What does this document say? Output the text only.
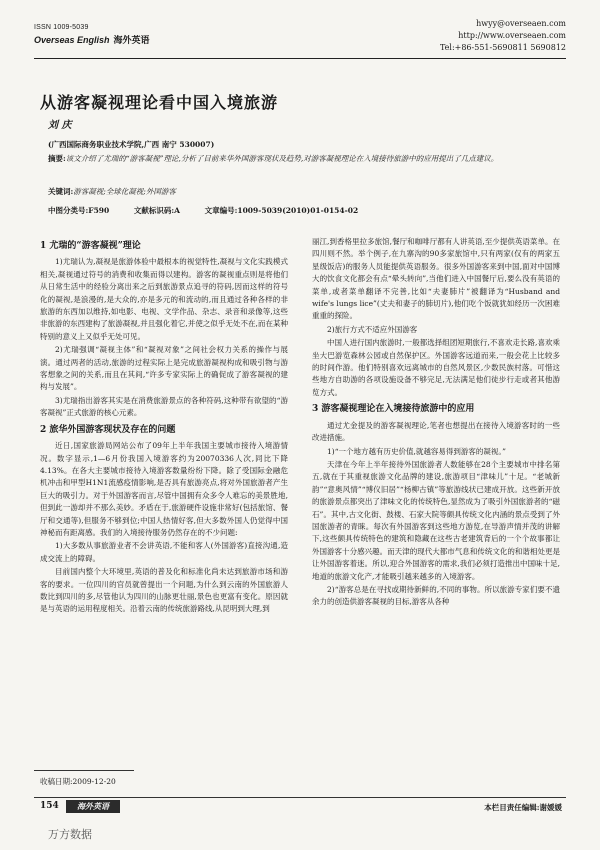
ISSN 1009-5039
Overseas English 海外英语
hwyy@overseaen.com
http://www.overseaen.com
Tel:+86-551-5690811 5690812
从游客凝视理论看中国入境旅游
刘 庆
(广西国际商务职业技术学院,广西 南宁 530007)
摘要:该文介绍了尤瑞的“游客凝视”理论,分析了目前来华外国游客现状及趋势,对游客凝视理论在入境接待旅游中的应用提出了几点建议。
关键词:游客凝视;全球化凝视;外国游客
中图分类号:F590	文献标识码:A	文章编号:1009-5039(2010)01-0154-02
1 尤瑞的“游客凝视”理论

1)尤瑞认为,凝视是旅游体验中最根本的视觉特性,凝视与文化实践模式相关,凝视通过符号的消费和收集而得以建构。游客的凝视重点则是将他们从日常生活中的经验分离出来之后到旅游景点追寻的符码,因而这样的符号化的凝视,是浪漫的,是大众的,亦是多元的和流动的,而且通过各种各样的非旅游的东西加以维持,如电影、电视、文学作品、杂志、录音和录像等,这些非旅游的东西建构了旅游凝视,并且强化着它,并使之似乎无处不在,而在某种特别的意义上又似乎无处可见。

2)尤瑞强调“凝视主体”和“凝视对象”之间社会权力关系的操作与展演。通过两者的活动,旅游的过程实际上是完成旅游凝视构成和吸引物与游客想象之间的关系,而且在其间,“许多专家实际上的确促成了游客凝视的建构与发展”。

3)尤瑞指出游客其实是在消费旅游景点的各种符码,这种带有欲望的“游客凝视”正式旅游的核心元素。

2 旅华外国游客现状及存在的问题

近日,国家旅游局网站公布了09年上半年我国主要城市接待入境游情况。数字显示,1—6月份我国入境游客约为20070336人次,同比下降4.13%。在各大主要城市接待入境游客数量纷纷下降。除了受国际金融危机冲击和甲型H1N1流感疫情影响,是否具有旅游亮点,将对外国旅游者产生巨大的吸引力。对于外国游客而言,尽管中国拥有众多令人难忘的美景胜地,但到此一游却并不那么美妙。矛盾在于,旅游硬件设施非常好(包括旅馆、餐厅和交通等),但服务不够到位;中国人热情好客,但大多数外国人仍觉得中国神秘而有距离感。我们的入境接待服务仍然存在的不少问题:

1)大多数从事旅游业者不会讲英语,不能和客人(外国游客)直接沟通,造成交流上的障碍。

目前国内整个大环境里,英语的普及化和标准化尚未达到旅游市场和游客的要求。一位四川的官员就曾提出一个问题,为什么到云南的外国旅游人数比到四川的多,尽管他认为四川的山脉更壮丽,景色也更富有变化。原因就是与英语的运用程度相关。沿着云南的传统旅游路线,从昆明到大理,到

丽江,到香格里拉多旅馆,餐厅和咖啡厅都有人讲英语,至少提供英语菜单。在四川则不然。举个例子,在九寨沟的90多家旅馆中,只有两家(仅有的两家五星级饭店)的服务人员能提供英语服务。很多外国游客来到中国,面对中国博大的饮食文化都会有点“晕头转向”,当他们进入中国餐厅后,要么没有英语的菜单,或者菜单翻译不完善,比如“夫妻肺片”被翻译为“Husband and wife's lungs lice”(丈夫和妻子的肺切片),他们吃个饭就犹如经历一次困难重重的探险。

2)旅行方式不适应外国游客

中国人进行国内旅游时,一般都选择组团短期旅行,不喜欢走长路,喜欢乘坐大巴游览森林公园或自然保护区。外国游客远道而来,一般会花上比较多的时间作游。他们特别喜欢远离城市的自然风景区,少数民族村落。可惜这些地方自助游的各项设施设备不够完足,无法满足他们徒步行走或者其他游览方式。

3 游客凝视理论在入境接待旅游中的应用

通过尤金提及的游客凝视理论,笔者也想提出在接待入境游客时的一些改进措施。

1)“一个地方越有历史价值,就越容易得到游客的凝视。”

天津在今年上半年接待外国旅游者人数能够在28个主要城市中排名第五,就在于其重视旅游文化品牌的建设,旅游项目“津味儿”十足。“老城新韵”“意奥风情”“博仪旧居”“杨柳古镇”等旅游线状已建成开放。这些新开放的旅游景点都突出了津味文化的传统特色,显然成为了吸引外国旅游者的“磁石”。其中,古文化街、鼓楼、石家大院等颇具传统文化内涵的景点受到了外国旅游者的青睐。每次有外国游客到这些地方游览,在导游声情并茂的讲解下,这些颇具传统特色的建筑和隐藏在这些古老建筑背后的一个个故事都让外国游客十分感兴趣。而天津的现代大都市气息和传统文化的和谐相处更是让外国游客着迷。所以,迎合外国游客的需求,我们必须打造推出中国味十足,地道的旅游文化产,才能吸引越来越多的入境游客。

2)“游客总是在寻找或期待新鲜的,不同的事物。所以旅游专家们要不遗余力的创造供游客凝视的目标,游客从各种

收稿日期:2009-12-20
154	海外英语	本栏目责任编辑:谢媛媛
万方数据
